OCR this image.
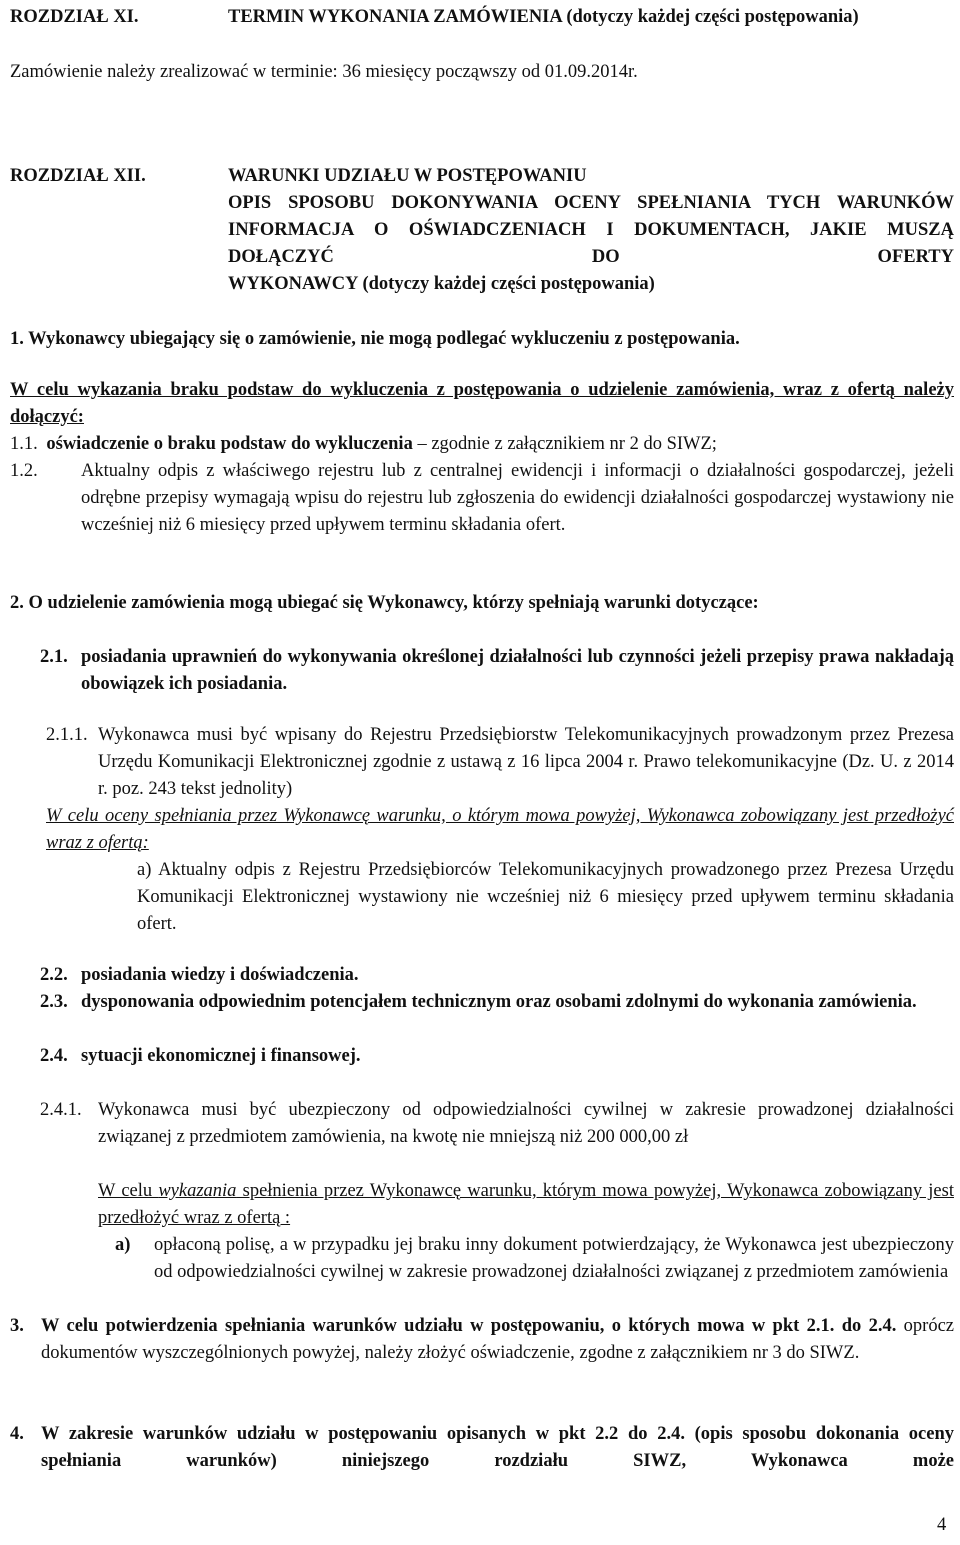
ROZDZIAŁ XI.	TERMIN WYKONANIA ZAMÓWIENIA (dotyczy każdej części postępowania)
Zamówienie należy zrealizować w terminie: 36 miesięcy począwszy od 01.09.2014r.
ROZDZIAŁ XII.	WARUNKI UDZIAŁU W POSTĘPOWANIU
OPIS SPOSOBU DOKONYWANIA OCENY SPEŁNIANIA TYCH WARUNKÓW INFORMACJA O OŚWIADCZENIACH I DOKUMENTACH, JAKIE MUSZĄ DOŁĄCZYĆ DO OFERTY
WYKONAWCY (dotyczy każdej części postępowania)
1. Wykonawcy ubiegający się o zamówienie, nie mogą podlegać wykluczeniu z postępowania.
W celu wykazania braku podstaw do wykluczenia z postępowania o udzielenie zamówienia, wraz z ofertą należy dołączyć:
1.1. oświadczenie o braku podstaw do wykluczenia – zgodnie z załącznikiem nr 2 do SIWZ;
1.2. Aktualny odpis z właściwego rejestru lub z centralnej ewidencji i informacji o działalności gospodarczej, jeżeli odrębne przepisy wymagają wpisu do rejestru lub zgłoszenia do ewidencji działalności gospodarczej wystawiony nie wcześniej niż 6 miesięcy przed upływem terminu składania ofert.
2. O udzielenie zamówienia mogą ubiegać się Wykonawcy, którzy spełniają warunki dotyczące:
2.1. posiadania uprawnień do wykonywania określonej działalności lub czynności jeżeli przepisy prawa nakładają obowiązek ich posiadania.
2.1.1. Wykonawca musi być wpisany do Rejestru Przedsiębiorstw Telekomunikacyjnych prowadzonym przez Prezesa Urzędu Komunikacji Elektronicznej zgodnie z ustawą z 16 lipca 2004 r. Prawo telekomunikacyjne (Dz. U. z 2014 r. poz. 243 tekst jednolity)
W celu oceny spełniania przez Wykonawcę warunku, o którym mowa powyżej, Wykonawca zobowiązany jest przedłożyć wraz z ofertą:
a) Aktualny odpis z Rejestru Przedsiębiorców Telekomunikacyjnych prowadzonego przez Prezesa Urzędu Komunikacji Elektronicznej wystawiony nie wcześniej niż 6 miesięcy przed upływem terminu składania ofert.
2.2. posiadania wiedzy i doświadczenia.
2.3. dysponowania odpowiednim potencjałem technicznym oraz osobami zdolnymi do wykonania zamówienia.
2.4. sytuacji ekonomicznej i finansowej.
2.4.1. Wykonawca musi być ubezpieczony od odpowiedzialności cywilnej w zakresie prowadzonej działalności związanej z przedmiotem zamówienia, na kwotę nie mniejszą niż 200 000,00 zł
W celu wykazania spełnienia przez Wykonawcę warunku, którym mowa powyżej, Wykonawca zobowiązany jest przedłożyć wraz z ofertą :
a) opłaconą polisę, a w przypadku jej braku inny dokument potwierdzający, że Wykonawca jest ubezpieczony od odpowiedzialności cywilnej w zakresie prowadzonej działalności związanej z przedmiotem zamówienia
3. W celu potwierdzenia spełniania warunków udziału w postępowaniu, o których mowa w pkt 2.1. do 2.4. oprócz dokumentów wyszczególnionych powyżej, należy złożyć oświadczenie, zgodne z załącznikiem nr 3 do SIWZ.
4. W zakresie warunków udziału w postępowaniu opisanych w pkt 2.2 do 2.4. (opis sposobu dokonania oceny spełniania warunków) niniejszego rozdziału SIWZ, Wykonawca może
4
